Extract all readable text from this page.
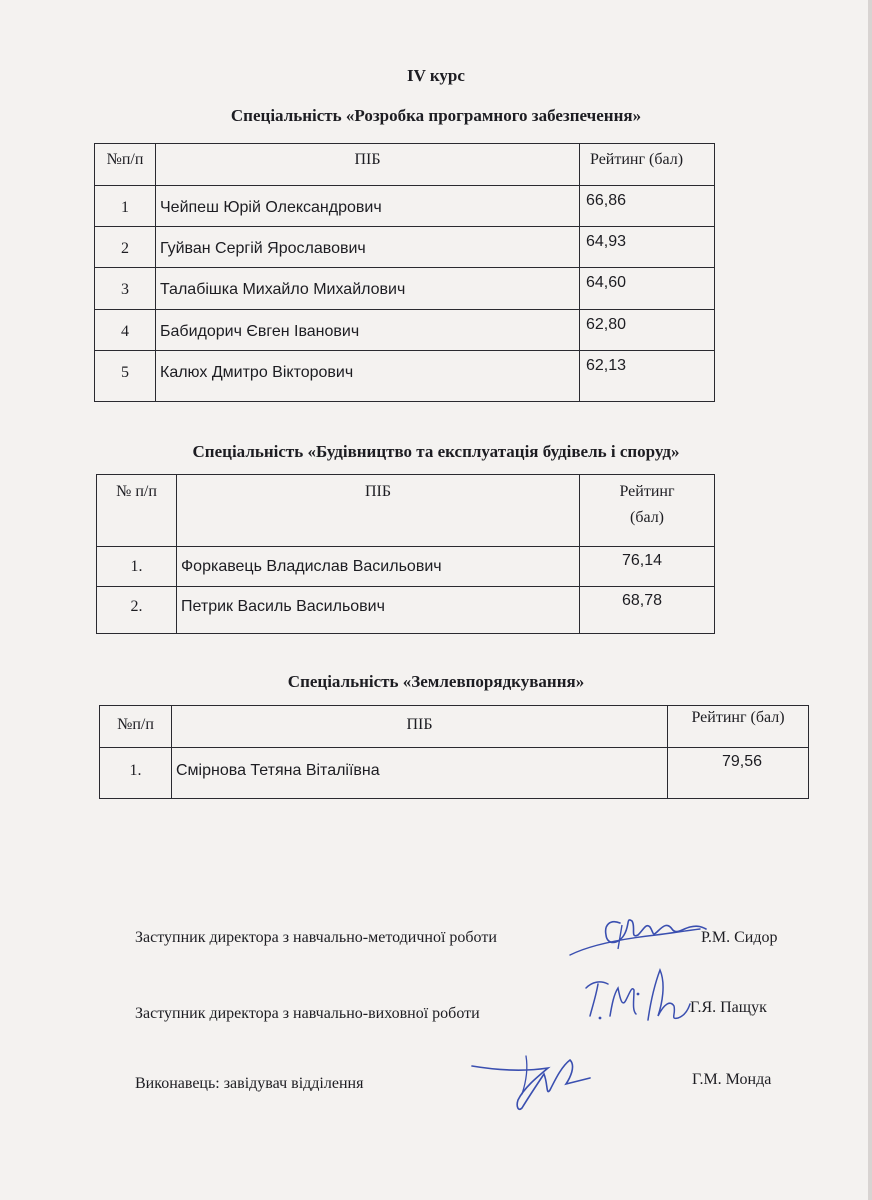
IV курс
Спеціальність «Розробка програмного забезпечення»
№п/п	ПІБ	Рейтинг (бал)
1	Чейпеш Юрій Олександрович	66,86
2	Гуйван Сергій Ярославович	64,93
3	Талабішка Михайло Михайлович	64,60
4	Бабидорич Євген Іванович	62,80
5	Калюх Дмитро Вікторович	62,13
Спеціальність «Будівництво та експлуатація будівель і споруд»
№ п/п	ПІБ	Рейтинг
(бал)

1.	Форкавець Владислав Васильович	76,14
2.	Петрик Василь Васильович	68,78
Спеціальність «Землевпорядкування»
№п/п	ПІБ	Рейтинг (бал)
1.	Смірнова Тетяна Віталіївна	79,56
Заступник директора з навчально-методичної роботи	Р.М. Сидор
Заступник директора з навчально-виховної роботи	Г.Я. Пащук
Виконавець: завідувач відділення	Г.М. Монда
